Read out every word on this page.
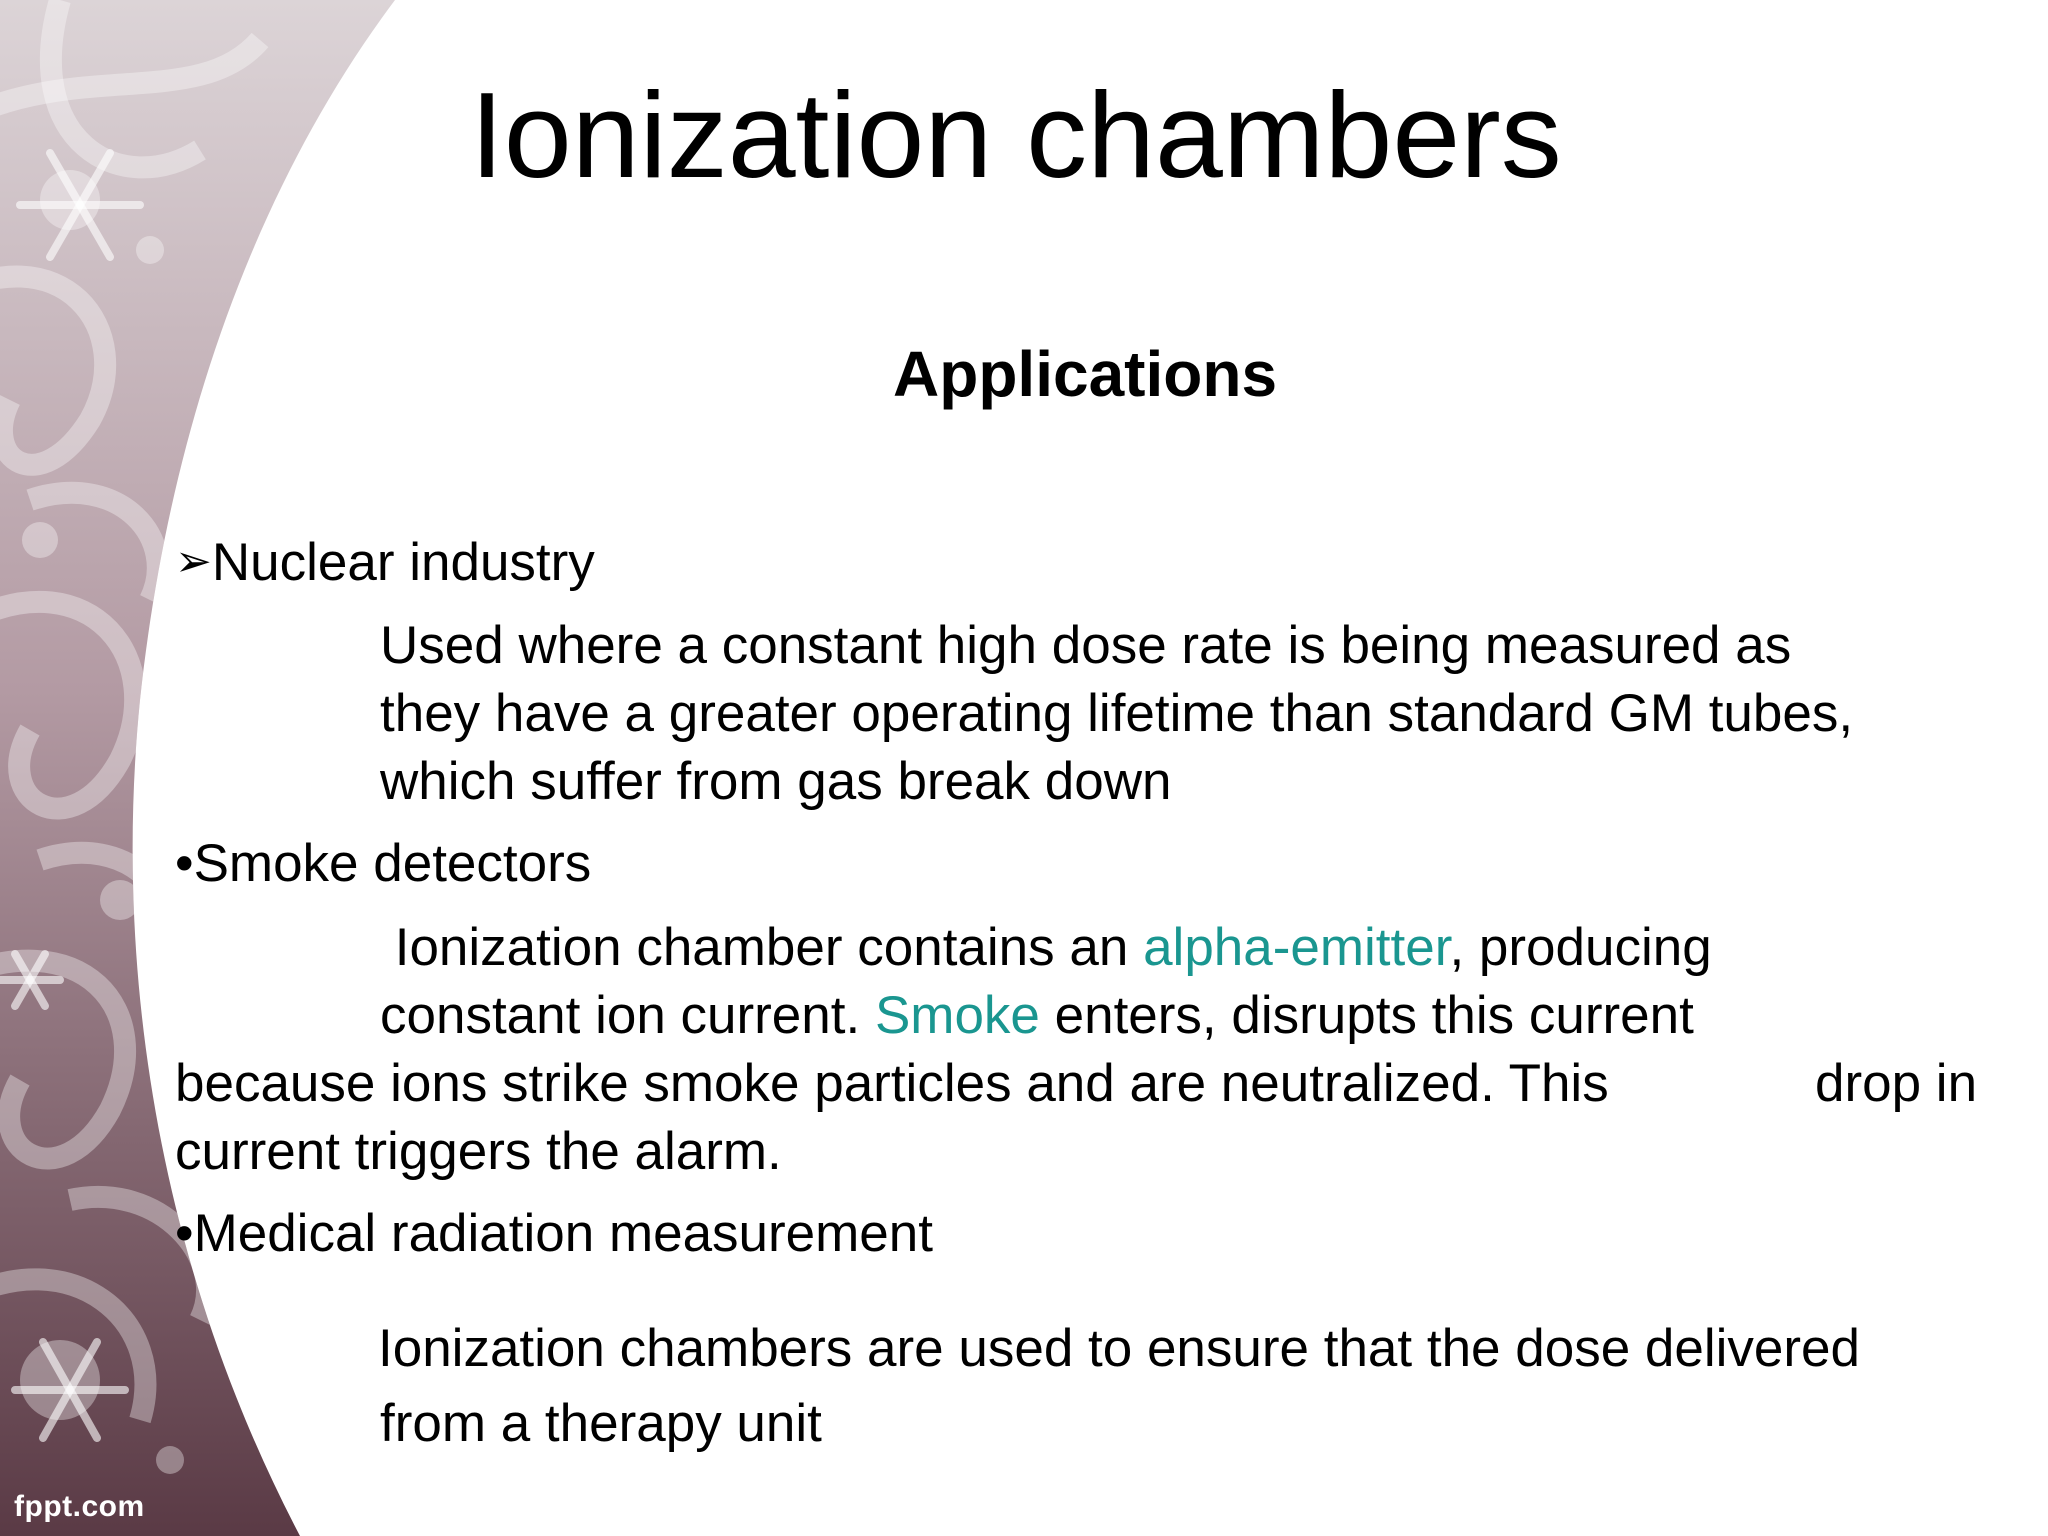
fppt.com
Ionization chambers
Applications
➢Nuclear industry
Used where a constant high dose rate is being measured as
they have a greater operating lifetime than standard GM tubes,
which suffer from gas break down
•Smoke detectors
Ionization chamber contains an alpha-emitter, producing
constant ion current. Smoke enters, disrupts this current
because ions strike smoke particles and are neutralized. This	drop in
current triggers the alarm.
•Medical radiation measurement
Ionization chambers are used to ensure that the dose delivered
from a therapy unit
